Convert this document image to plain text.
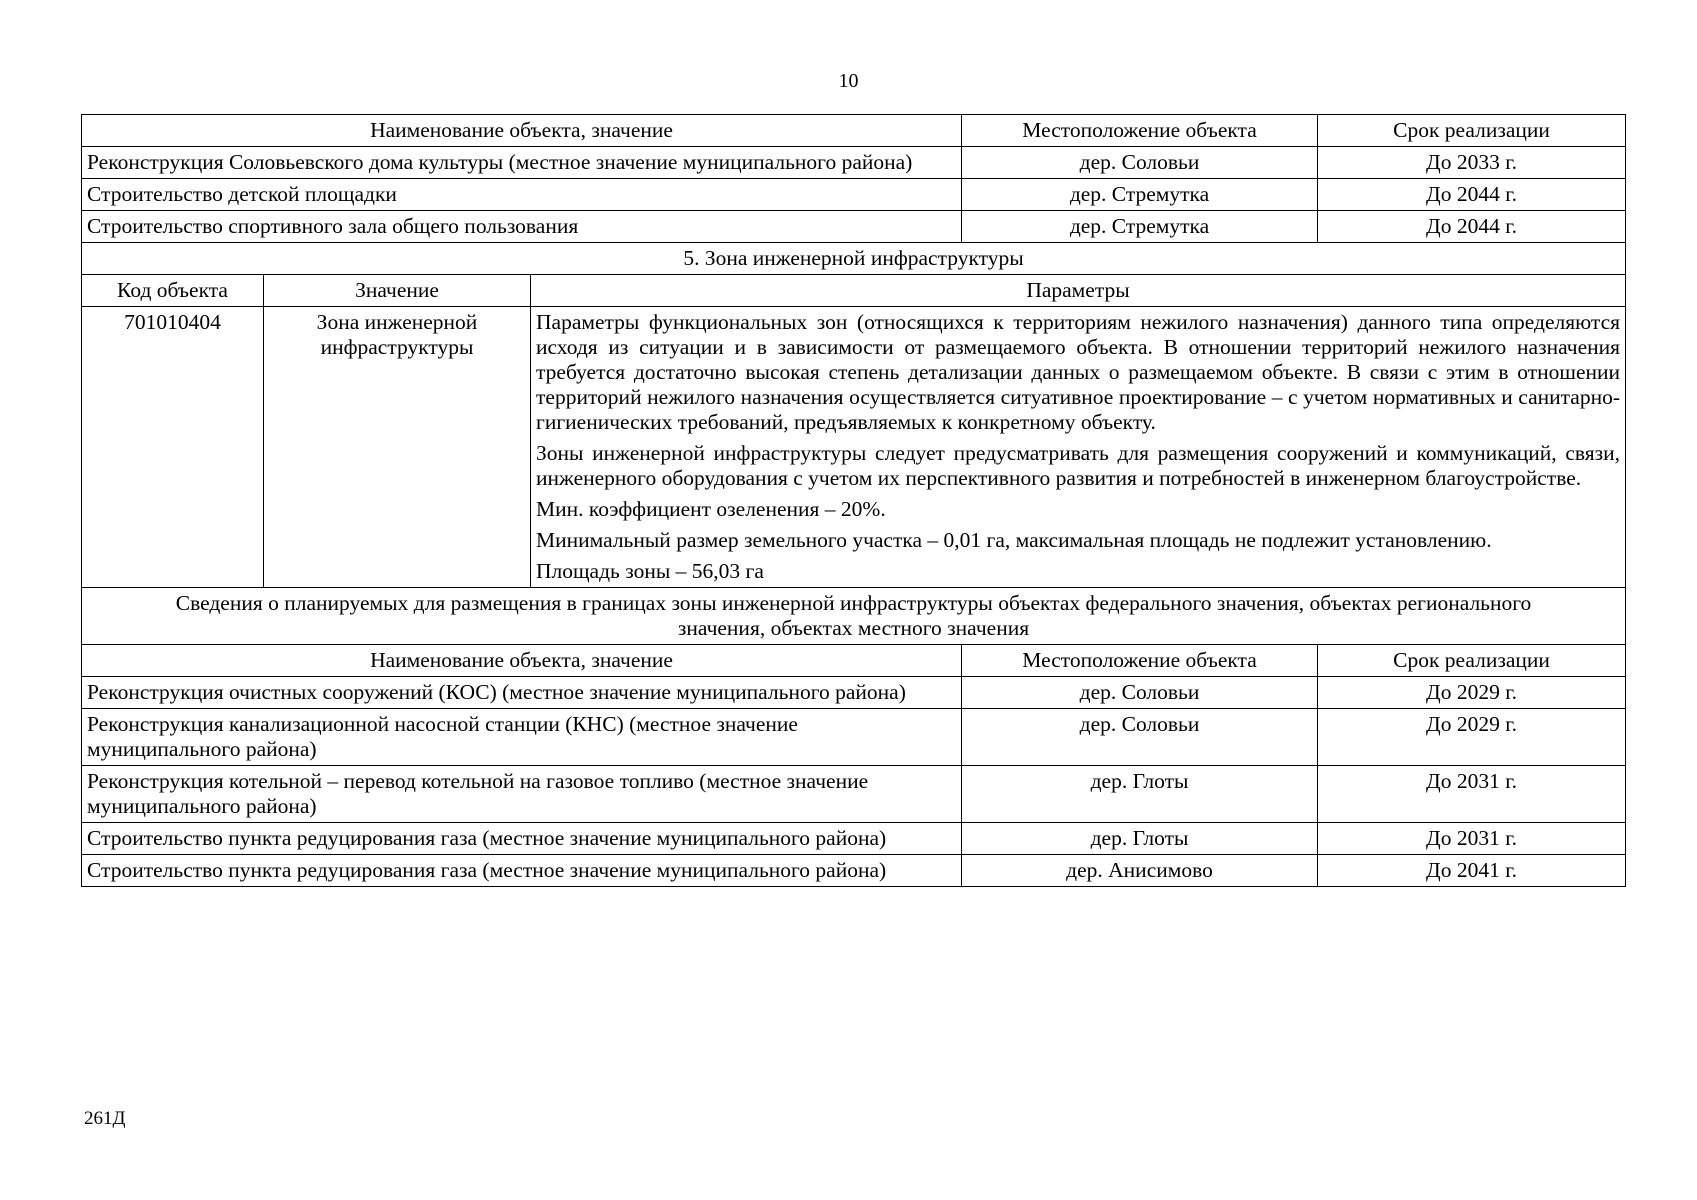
10
Наименование объекта, значение			Местоположение объекта	Срок реализации
Реконструкция Соловьевского дома культуры (местное значение муниципального района)			дер. Соловьи	До 2033 г.
Строительство детской площадки			дер. Стремутка	До 2044 г.
Строительство спортивного зала общего пользования			дер. Стремутка	До 2044 г.
5. Зона инженерной инфраструктуры				
Код объекта	Значение	Параметры		
701010404	Зона инженерной инфраструктуры	Параметры функциональных зон (относящихся к территориям нежилого назначения) данного типа определяются исходя из ситуации и в зависимости от размещаемого объекта. В отношении территорий нежилого назначения требуется достаточно высокая степень детализации данных о размещаемом объекте. В связи с этим в отношении территорий нежилого назначения осуществляется ситуативное проектирование – с учетом нормативных и санитарно-гигиенических требований, предъявляемых к конкретному объекту.

Зоны инженерной инфраструктуры следует предусматривать для размещения сооружений и коммуникаций, связи, инженерного оборудования с учетом их перспективного развития и потребностей в инженерном благоустройстве.

Мин. коэффициент озеленения – 20%.

Минимальный размер земельного участка – 0,01 га, максимальная площадь не подлежит установлению.

Площадь зоны – 56,03 га		

Сведения о планируемых для размещения в границах зоны инженерной инфраструктуры объектах федерального значения, объектах регионального значения, объектах местного значения				
Наименование объекта, значение			Местоположение объекта	Срок реализации
Реконструкция очистных сооружений (КОС) (местное значение муниципального района)			дер. Соловьи	До 2029 г.
Реконструкция канализационной насосной станции (КНС) (местное значение муниципального района)			дер. Соловьи	До 2029 г.
Реконструкция котельной – перевод котельной на газовое топливо (местное значение муниципального района)			дер. Глоты	До 2031 г.
Строительство пункта редуцирования газа (местное значение муниципального района)			дер. Глоты	До 2031 г.
Строительство пункта редуцирования газа (местное значение муниципального района)			дер. Анисимово	До 2041 г.
261Д
